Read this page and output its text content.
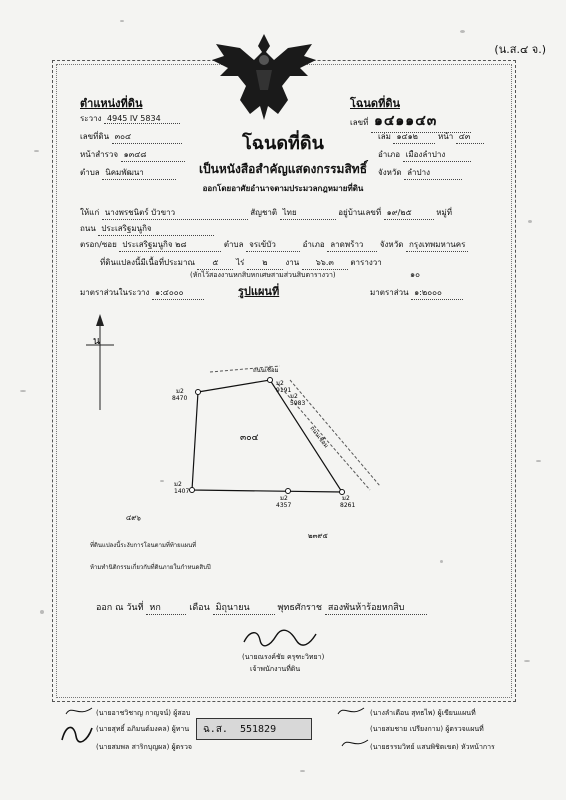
(น.ส.๔ จ.)
ตำแหน่งที่ดิน	โฉนดที่ดิน
ระวาง 4945 IV 5834
เลขที่ดิน ๓๐๔
หน้าสำรวจ ๑๓๔๘
ตำบล นิคมพัฒนา
เลขที่ ๑๔๑๑๔๓
เล่ม ๑๔๑๒	หน้า ๔๓
อำเภอ เมืองลำปาง
จังหวัด ลำปาง
โฉนดที่ดิน
เป็นหนังสือสำคัญแสดงกรรมสิทธิ์
ออกโดยอาศัยอำนาจตามประมวลกฎหมายที่ดิน
ให้แก่ นางพรชนิตร์ บัวขาว	สัญชาติ ไทย	อยู่บ้านเลขที่ ๑๙/๒๕	หมู่ที่
ถนน ประเสริฐมนูกิจ
ตรอก/ซอย ประเสริฐมนูกิจ ๒๘	ตำบล จรเข้บัว	อำเภอ ลาดพร้าว จังหวัด กรุงเทพมหานคร
ที่ดินแปลงนี้มีเนื้อที่ประมาณ ๕ ไร่ ๒ งาน ๖๖.๓ ตารางวา
๑๐
(หักไว้สองงานหกสิบหกเศษสามส่วนสิบตารางวา)
มาตราส่วนในระวาง ๑:๔๐๐๐	รูปแผนที่	มาตราส่วน ๑:๒๐๐๐
น
ถนนเชื่อม
ถนนเชื่อม
๓๐๔
ม2
8470
ม2
9191
ม2
5983
ม2
1407
ม2
4357
ม2
8261
๔๙๖
๒๓๙๕
ที่ดินแปลงนี้ระงับการโอนตามที่ท้ายแผนที่
ห้ามทำนิติกรรมเกี่ยวกับที่ดินภายในกำหนดสิบปี
ออก ณ วันที่ หก	เดือน มิถุนายน	พุทธศักราช สองพันห้าร้อยหกสิบ
(นายณรงค์ชัย ครุฑะวิทยา)
เจ้าพนักงานที่ดิน
(นายอาชวิชาญ กาญจน์) ผู้สอบ
(นายสุทธิ์ อภิมนต์มงคล) ผู้ทาน
(นายสมพล สาริกบุญผล) ผู้ตรวจ
ฉ.ส. 551829
(นางลำเดือน สุทธไพ) ผู้เขียนแผนที่
(นายสมชาย เปรียงกาม) ผู้ตรวจแผนที่
(นายธรรมวิทย์ แสนพิชิตเขต) หัวหน้าการ
